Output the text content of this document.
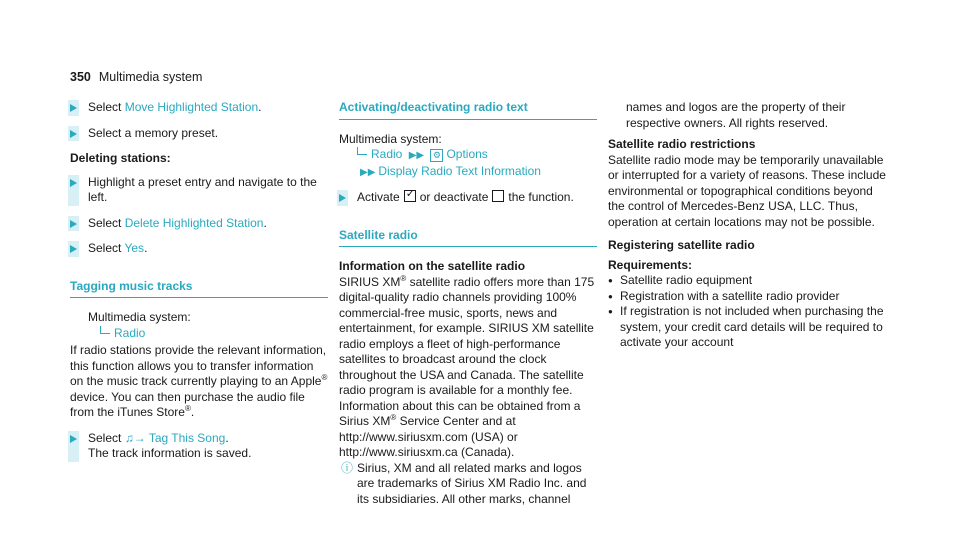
350 Multimedia system
Select Move Highlighted Station.
Select a memory preset.
Deleting stations:
Highlight a preset entry and navigate to the left.
Select Delete Highlighted Station.
Select Yes.
Tagging music tracks
Multimedia system:
Radio
If radio stations provide the relevant information, this function allows you to transfer information on the music track currently playing to an Apple® device. You can then purchase the audio file from the iTunes Store®.
Select ♫→ Tag This Song.
The track information is saved.
Activating/deactivating radio text
Multimedia system:
Radio ▶▶ ⚙ Options
▶▶ Display Radio Text Information
Activate✓ or deactivate the function.
Satellite radio
Information on the satellite radio
SIRIUS XM® satellite radio offers more than 175 digital-quality radio channels providing 100% commercial-free music, sports, news and entertainment, for example. SIRIUS XM satellite radio employs a fleet of high-performance satellites to broadcast around the clock throughout the USA and Canada. The satellite radio program is available for a monthly fee. Information about this can be obtained from a Sirius XM® Service Center and at http://www.siriusxm.com (USA) or http://www.siriusxm.ca (Canada).
ⓘ Sirius, XM and all related marks and logos are trademarks of Sirius XM Radio Inc. and its subsidiaries. All other marks, channel
names and logos are the property of their respective owners. All rights reserved.
Satellite radio restrictions
Satellite radio mode may be temporarily unavailable or interrupted for a variety of reasons. These include environmental or topographical conditions beyond the control of Mercedes-Benz USA, LLC. Thus, operation at certain locations may not be possible.
Registering satellite radio
Requirements:
● Satellite radio equipment
● Registration with a satellite radio provider
● If registration is not included when purchasing the system, your credit card details will be required to activate your account
